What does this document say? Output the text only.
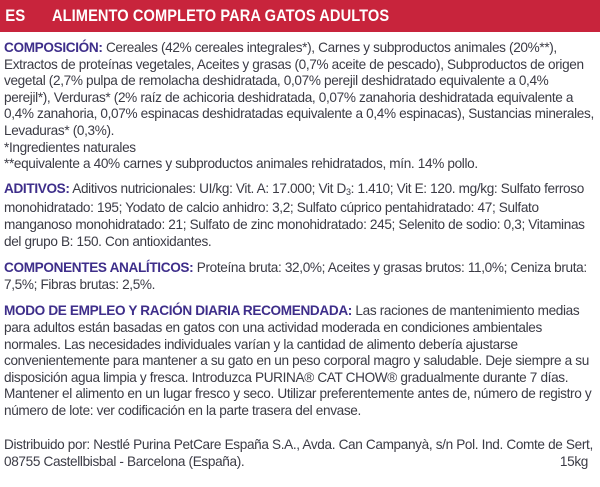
ES	ALIMENTO COMPLETO PARA GATOS ADULTOS

COMPOSICIÓN: Cereales (42% cereales integrales*), Carnes y subproductos animales (20%**), Extractos de proteínas vegetales, Aceites y grasas (0,7% aceite de pescado), Subproductos de origen vegetal (2,7% pulpa de remolacha deshidratada, 0,07% perejil deshidratado equivalente a 0,4% perejil*), Verduras* (2% raíz de achicoria deshidratada, 0,07% zanahoria deshidratada equivalente a 0,4% zanahoria, 0,07% espinacas deshidratadas equivalente a 0,4% espinacas), Sustancias minerales, Levaduras* (0,3%).

*Ingredientes naturales

**equivalente a 40% carnes y subproductos animales rehidratados, mín. 14% pollo.

ADITIVOS: Aditivos nutricionales: UI/kg: Vit. A: 17.000; Vit $D_3$: 1.410; Vit E: 120. mg/kg: Sulfato ferroso monohidratado: 195; Yodato de calcio anhidro: 3,2; Sulfato cúprico pentahidratado: 47; Sulfato manganoso monohidratado: 21; Sulfato de zinc monohidratado: 245; Selenito de sodio: 0,3; Vitaminas del grupo B: 150. Con antioxidantes.

COMPONENTES ANALÍTICOS: Proteína bruta: 32,0%; Aceites y grasas brutos: 11,0%; Ceniza bruta: 7,5%; Fibras brutas: 2,5%.

MODO DE EMPLEO Y RACIÓN DIARIA RECOMENDADA: Las raciones de mantenimiento medias para adultos están basadas en gatos con una actividad moderada en condiciones ambientales normales. Las necesidades individuales varían y la cantidad de alimento debería ajustarse convenientemente para mantener a su gato en un peso corporal magro y saludable. Deje siempre a su disposición agua limpia y fresca. Introduzca PURINA® CAT CHOW® gradualmente durante 7 días. Mantener el alimento en un lugar fresco y seco. Utilizar preferentemente antes de, número de registro y número de lote: ver codificación en la parte trasera del envase.

Distribuido por: Nestlé Purina PetCare España S.A., Avda. Can Campanyà, s/n Pol. Ind. Comte de Sert,

08755 Castellbisbal - Barcelona (España).	15kg
